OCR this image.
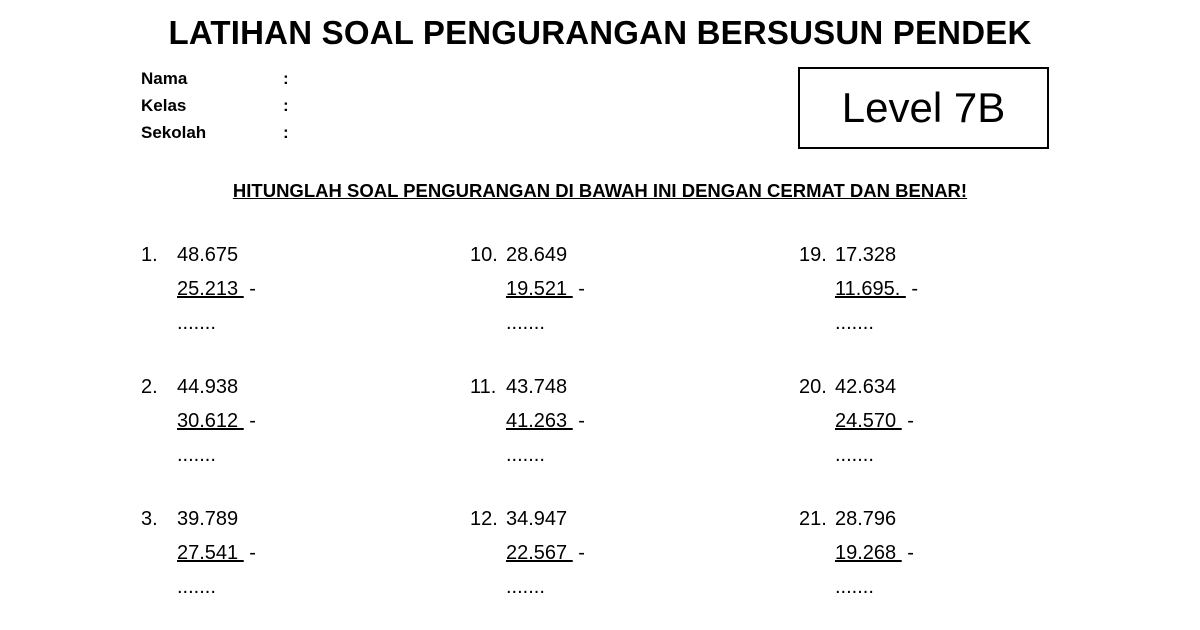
LATIHAN SOAL PENGURANGAN BERSUSUN PENDEK
Nama	:
Kelas	:
Sekolah	:
Level 7B
HITUNGLAH SOAL PENGURANGAN DI BAWAH INI DENGAN CERMAT DAN BENAR!
1. 48.675
25.213  -
.......
2. 44.938
30.612  -
.......
3. 39.789
27.541  -
.......
10. 28.649
19.521  -
.......
11. 43.748
41.263  -
.......
12. 34.947
22.567  -
.......
19. 17.328
11.695.  -
.......
20. 42.634
24.570  -
.......
21. 28.796
19.268  -
.......
